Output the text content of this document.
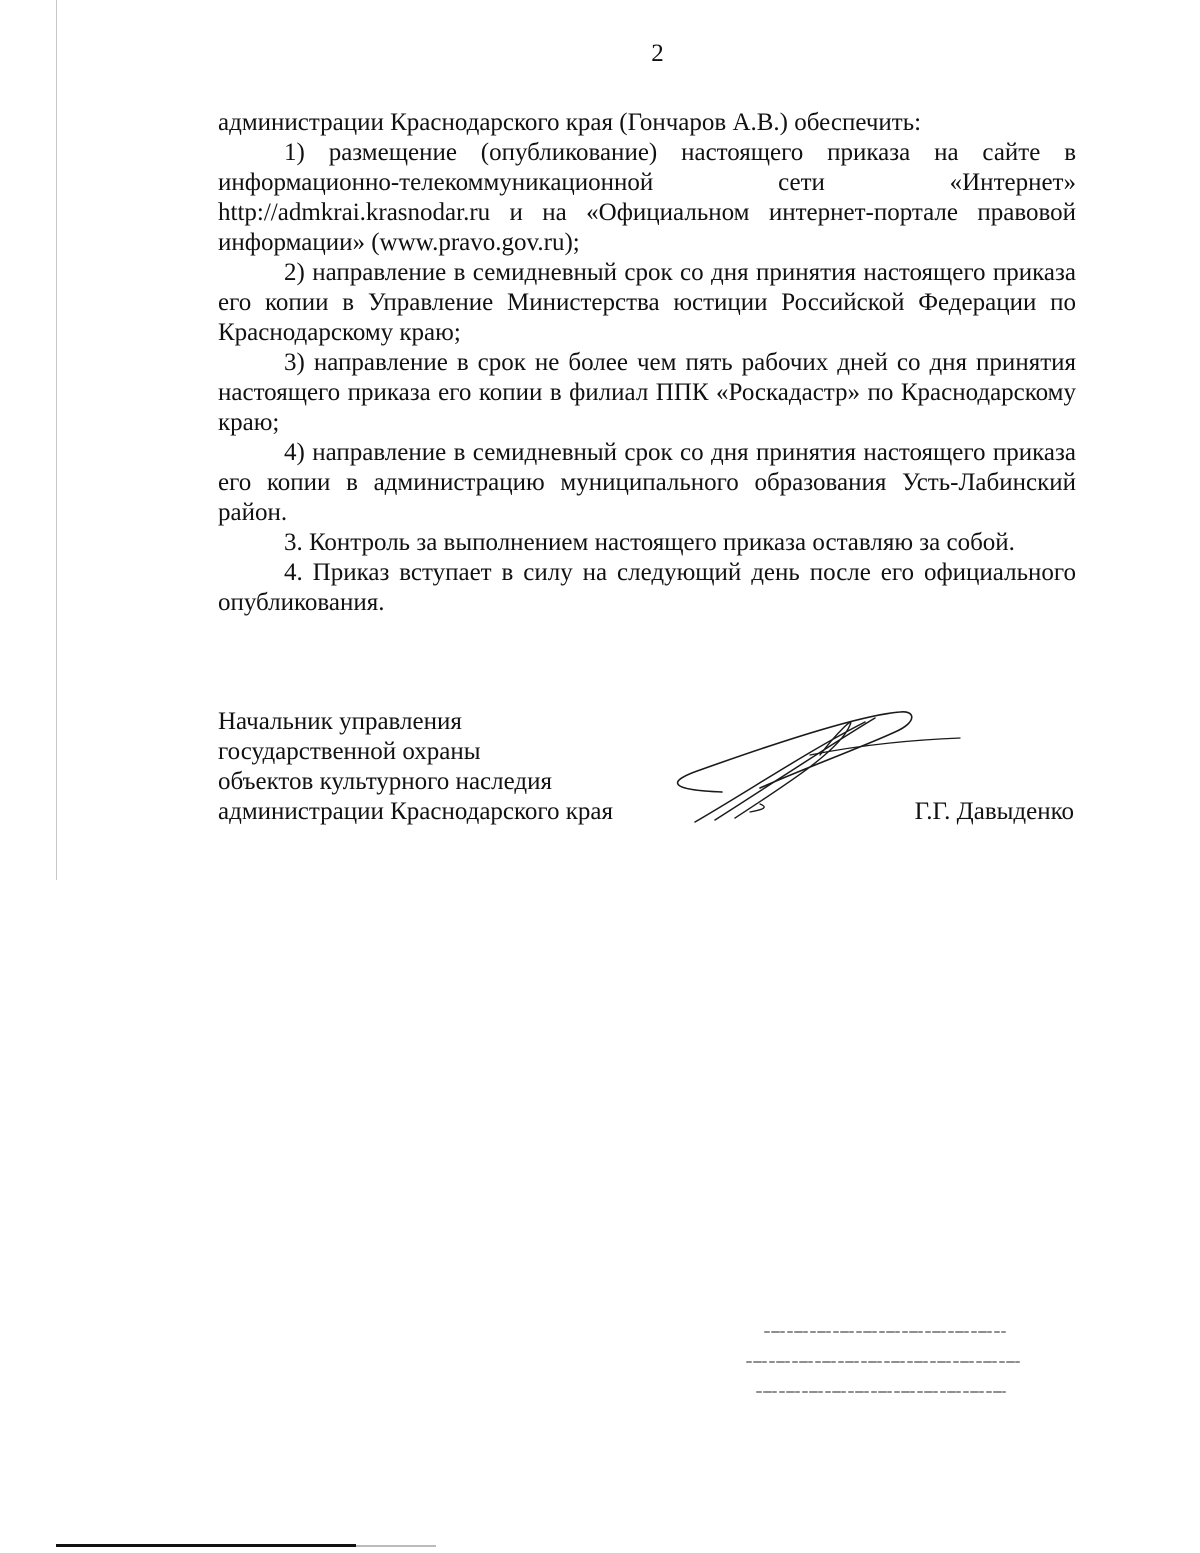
2

администрации Краснодарского края (Гончаров А.В.) обеспечить:

1) размещение (опубликование) настоящего приказа на сайте в информационно-телекоммуникационной сети «Интернет» http://admkrai.krasnodar.ru и на «Официальном интернет-портале правовой информации» (www.pravo.gov.ru);

2) направление в семидневный срок со дня принятия настоящего приказа его копии в Управление Министерства юстиции Российской Федерации по Краснодарскому краю;

3) направление в срок не более чем пять рабочих дней со дня принятия настоящего приказа его копии в филиал ППК «Роскадастр» по Краснодарскому краю;

4) направление в семидневный срок со дня принятия настоящего приказа его копии в администрацию муниципального образования Усть-Лабинский район.

3. Контроль за выполнением настоящего приказа оставляю за собой.

4. Приказ вступает в силу на следующий день после его официального опубликования.

Начальник управления
государственной охраны
объектов культурного наследия
администрации Краснодарского края	Г.Г. Давыденко
